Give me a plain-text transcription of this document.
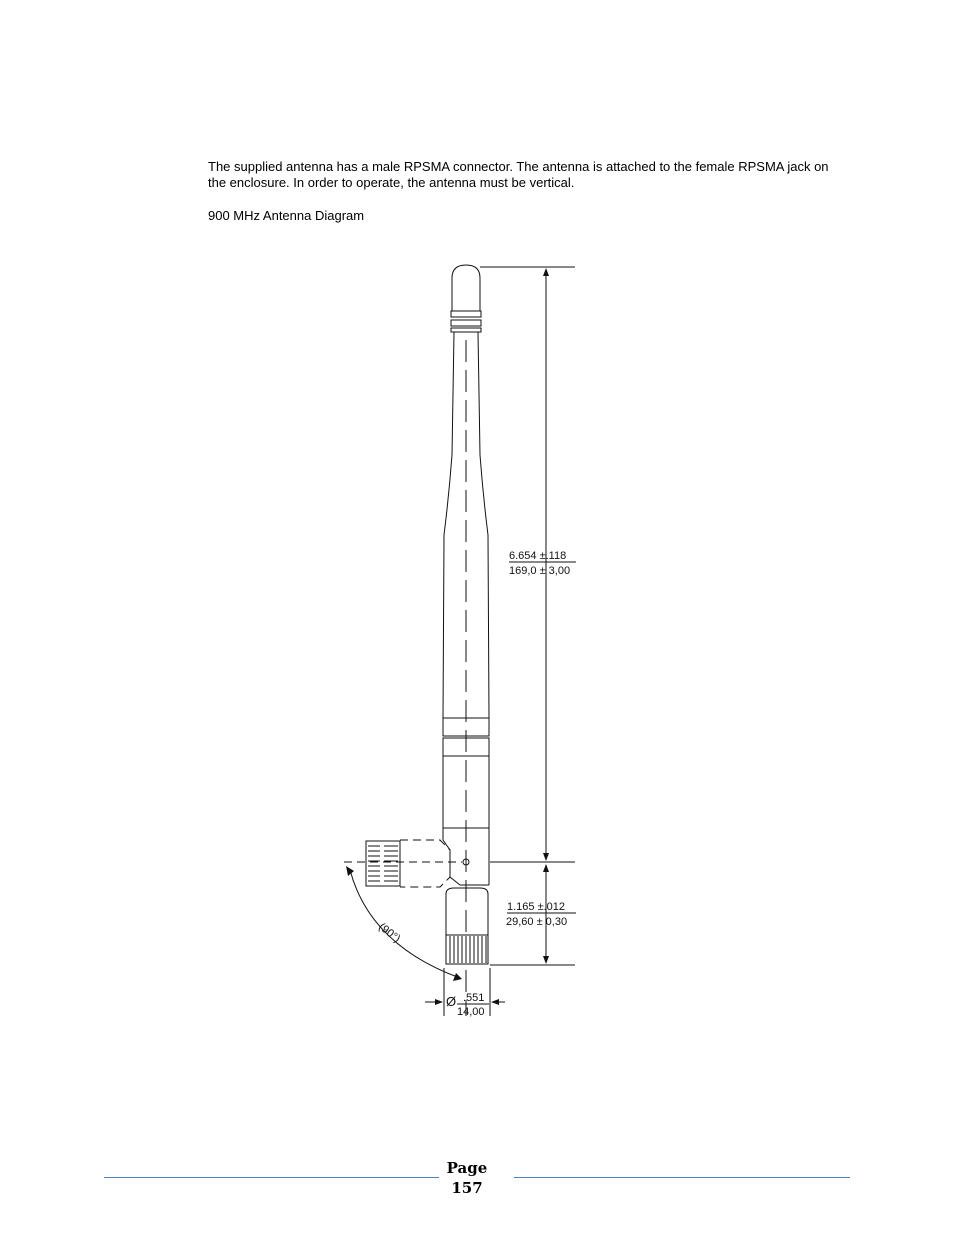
The supplied antenna has a male RPSMA connector. The antenna is attached to the female RPSMA jack on the enclosure. In order to operate, the antenna must be vertical.

900 MHz Antenna Diagram

6.654 ±.118
169,0 ± 3,00
1.165 ±.012
29,60 ± 0,30
(90°)
Ø .551
14,00
Page
157
